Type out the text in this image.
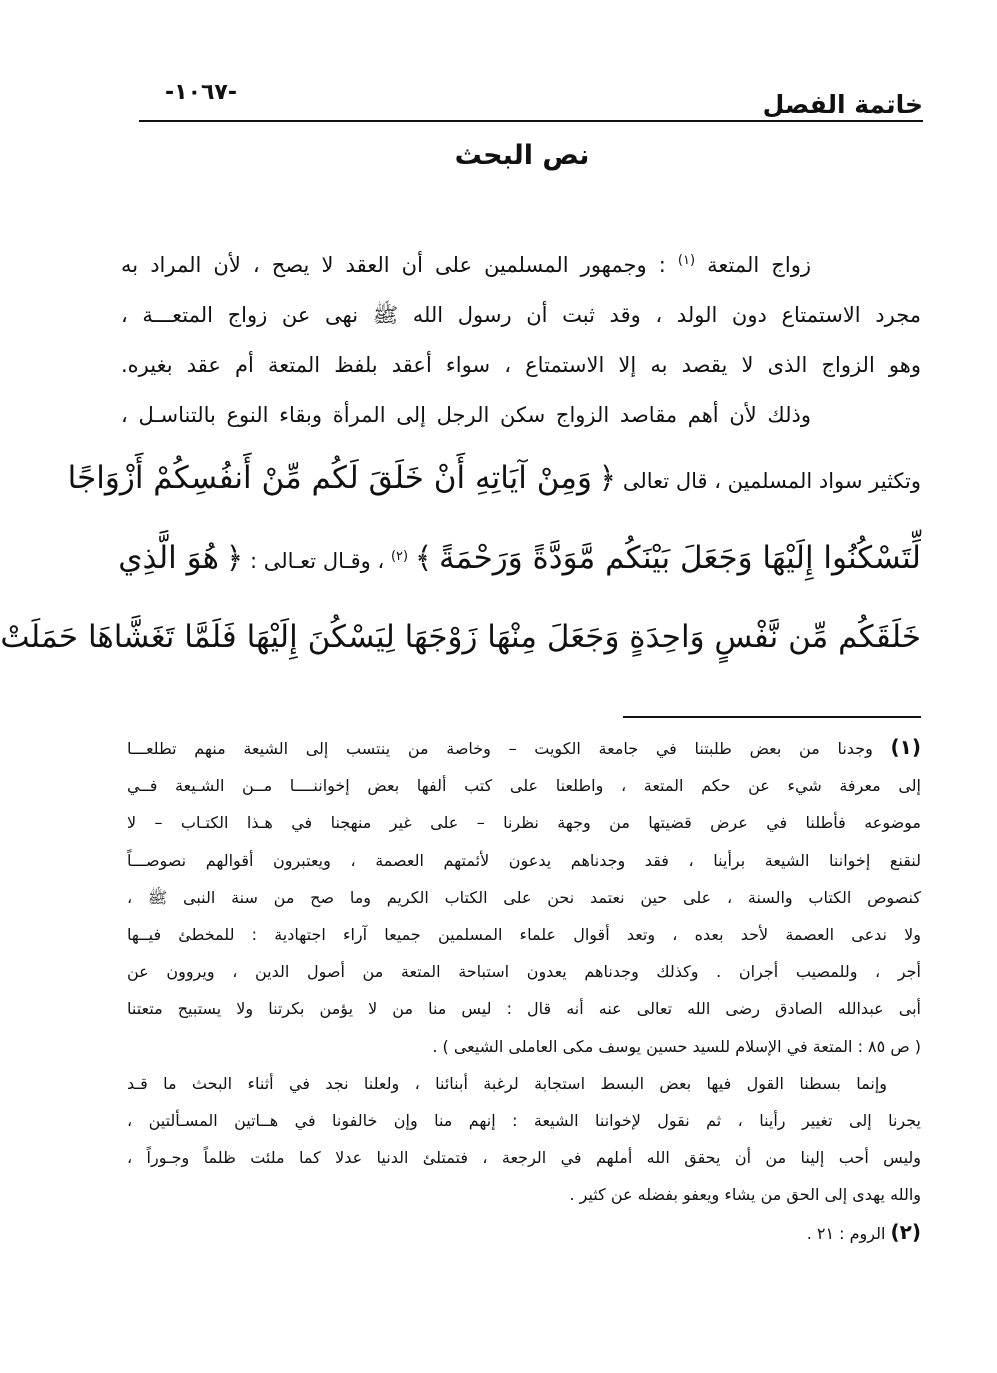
خاتمة الفصل
-١٠٦٧-
نص البحث
زواج المتعة $^{(١)}$ : وجمهور المسلمين على أن العقد لا يصح ، لأن المراد به
مجرد الاستمتاع دون الولد ، وقد ثبت أن رسول الله ﷺ نهى عن زواج المتعـــة ،
وهو الزواج الذى لا يقصد به إلا الاستمتاع ، سواء أعقد بلفظ المتعة أم عقد بغيره.
وذلك لأن أهم مقاصد الزواج سكن الرجل إلى المرأة وبقاء النوع بالتناسـل ،
وتكثير سواد المسلمين ، قال تعالى ﴿ وَمِنْ آيَاتِهِ أَنْ خَلَقَ لَكُم مِّنْ أَنفُسِكُمْ أَزْوَاجًا
لِّتَسْكُنُوا إِلَيْهَا وَجَعَلَ بَيْنَكُم مَّوَدَّةً وَرَحْمَةً ﴾ $^{(٢)}$ ، وقـال تعـالى : ﴿ هُوَ الَّذِي
خَلَقَكُم مِّن نَّفْسٍ وَاحِدَةٍ وَجَعَلَ مِنْهَا زَوْجَهَا لِيَسْكُنَ إِلَيْهَا فَلَمَّا تَغَشَّاهَا حَمَلَتْ
(١) وجدنا من بعض طلبتنا في جامعة الكويت – وخاصة من ينتسب إلى الشيعة منهم تطلعـــا
إلى معرفة شيء عن حكم المتعة ، واطلعنا على كتب ألفها بعض إخواننــــا مــن الشـيعة فــي
موضوعه فأطلنا في عرض قضيتها من وجهة نظرنا – على غير منهجنا في هـذا الكتـاب – لا
لنقنع إخواننا الشيعة برأينا ، فقد وجدناهم يدعون لأئمتهم العصمة ، ويعتبرون أقوالهم نصوصـــاً
كنصوص الكتاب والسنة ، على حين نعتمد نحن على الكتاب الكريم وما صح من سنة النبى ﷺ ،
ولا ندعى العصمة لأحد بعده ، وتعد أقوال علماء المسلمين جميعا آراء اجتهادية : للمخطئ فيــها
أجر ، وللمصيب أجران . وكذلك وجدناهم يعدون استباحة المتعة من أصول الدين ، ويروون عن
أبى عبدالله الصادق رضى الله تعالى عنه أنه قال : ليس منا من لا يؤمن بكرتنا ولا يستبيح متعتنا
( ص ٨٥ : المتعة في الإسلام للسيد حسين يوسف مكى العاملى الشيعى ) .
وإنما بسطنا القول فيها بعض البسط استجابة لرغبة أبنائنا ، ولعلنا نجد في أثناء البحث ما قـد
يجرنا إلى تغيير رأينا ، ثم نقول لإخواننا الشيعة : إنهم منا وإن خالفونا في هــاتين المسـألتين ،
وليس أحب إلينا من أن يحقق الله أملهم في الرجعة ، فتمتلئ الدنيا عدلا كما ملئت ظلماً وجـوراً ،
والله يهدى إلى الحق من يشاء ويعفو بفضله عن كثير .
(٢) الروم : ٢١ .
